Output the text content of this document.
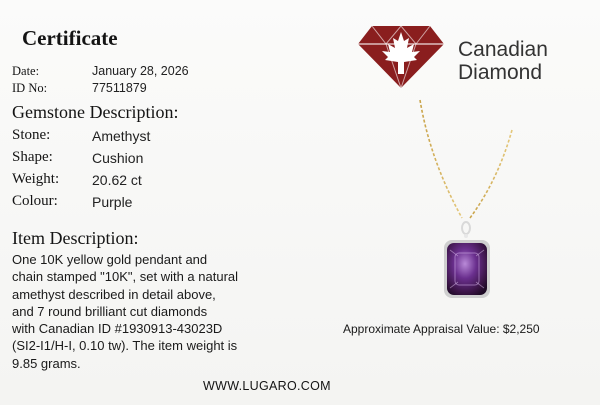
Certificate
Date:	January 28, 2026
ID No:	77511879
Gemstone Description:
Stone:	Amethyst
Shape:	Cushion
Weight: 20.62 ct
Colour: Purple
Item Description:
One 10K yellow gold pendant and
chain stamped "10K", set with a natural
amethyst described in detail above,
and 7 round brilliant cut diamonds
with Canadian ID #1930913-43023D
(SI2-I1/H-I, 0.10 tw). The item weight is
9.85 grams.
Canadian
Diamond
Approximate Appraisal Value: $2,250
WWW.LUGARO.COM
